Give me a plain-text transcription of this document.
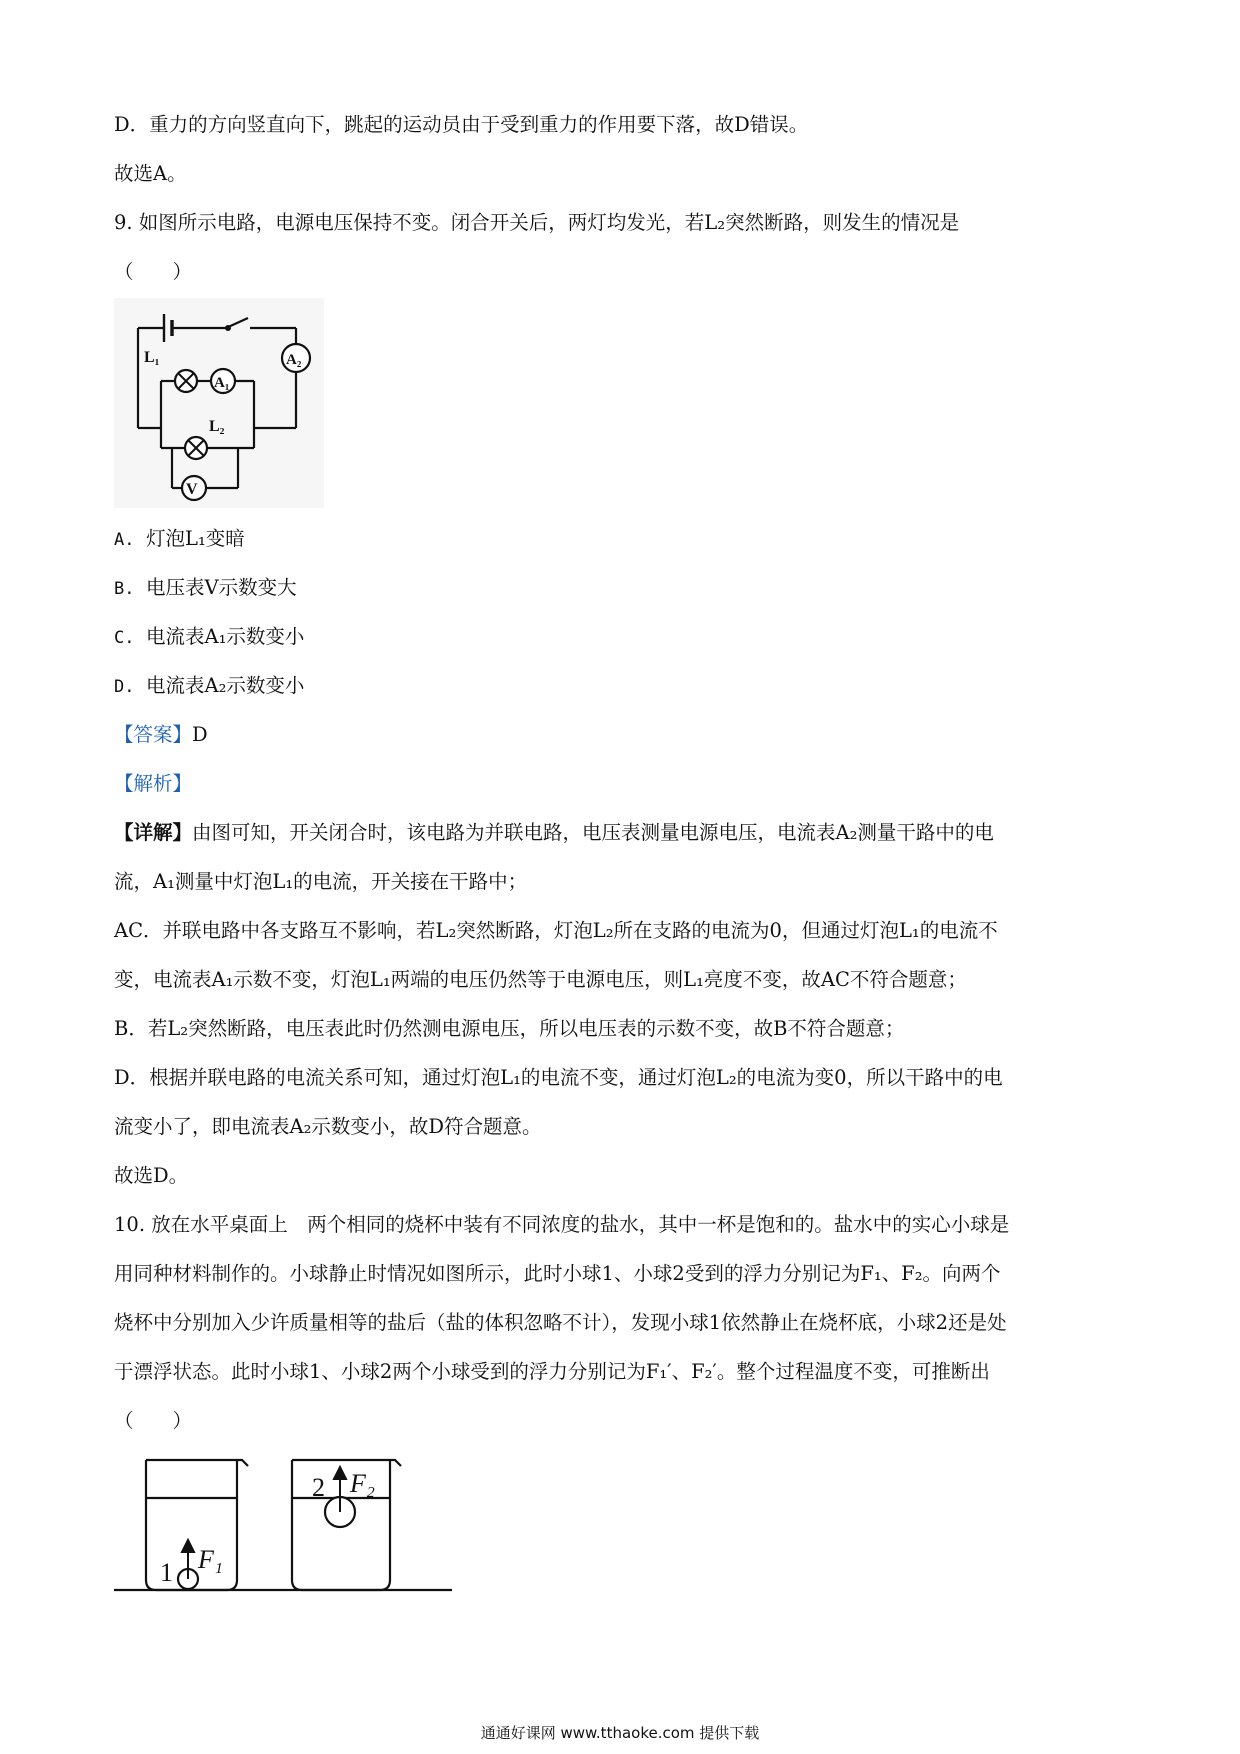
D．重力的方向竖直向下，跳起的运动员由于受到重力的作用要下落，故D错误。
故选A。
9. 如图所示电路，电源电压保持不变。闭合开关后，两灯均发光，若L₂突然断路，则发生的情况是
（　　）
A. 灯泡L₁变暗
B. 电压表V示数变大
C. 电流表A₁示数变小
D. 电流表A₂示数变小
【答案】D
【解析】
【详解】由图可知，开关闭合时，该电路为并联电路，电压表测量电源电压，电流表A₂测量干路中的电
流，A₁测量中灯泡L₁的电流，开关接在干路中；
AC．并联电路中各支路互不影响，若L₂突然断路，灯泡L₂所在支路的电流为0，但通过灯泡L₁的电流不
变，电流表A₁示数不变，灯泡L₁两端的电压仍然等于电源电压，则L₁亮度不变，故AC不符合题意；
B．若L₂突然断路，电压表此时仍然测电源电压，所以电压表的示数不变，故B不符合题意；
D．根据并联电路的电流关系可知，通过灯泡L₁的电流不变，通过灯泡L₂的电流为变0，所以干路中的电
流变小了，即电流表A₂示数变小，故D符合题意。
故选D。
10. 放在水平桌面上　两个相同的烧杯中装有不同浓度的盐水，其中一杯是饱和的。盐水中的实心小球是
用同种材料制作的。小球静止时情况如图所示，此时小球1、小球2受到的浮力分别记为F₁、F₂。向两个
烧杯中分别加入少许质量相等的盐后（盐的体积忽略不计），发现小球1依然静止在烧杯底，小球2还是处
于漂浮状态。此时小球1、小球2两个小球受到的浮力分别记为F₁′、F₂′。整个过程温度不变，可推断出
（　　）
A₂
A₁
V
L₁
L₂
1 F₁
2 F₂
通通好课网 www.tthaoke.com 提供下载
